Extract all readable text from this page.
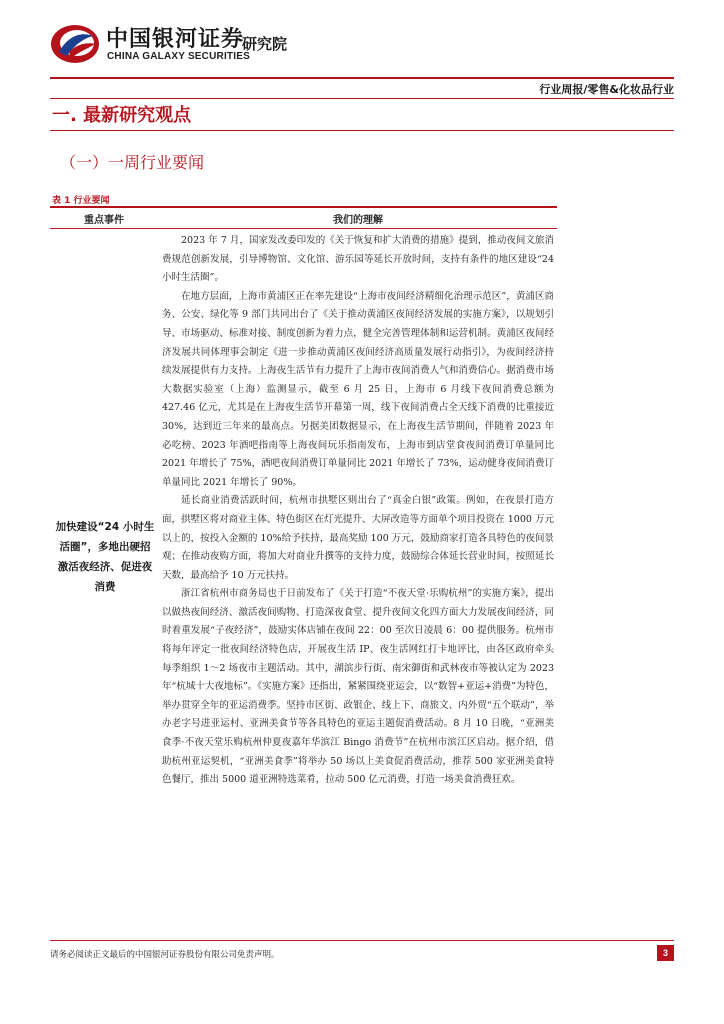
中国银河证券
CHINA GALAXY SECURITIES
研究院
行业周报/零售&化妆品行业
一. 最新研究观点
（一）一周行业要闻
表 1 行业要闻
重点事件	我们的理解
加快建设“24 小时生活圈”，多地出硬招激活夜经济、促进夜消费

2023 年 7 月，国家发改委印发的《关于恢复和扩大消费的措施》提到，推动夜间文旅消费规范创新发展，引导博物馆、文化馆、游乐园等延长开放时间，支持有条件的地区建设“24 小时生活圈”。

在地方层面，上海市黄浦区正在率先建设“上海市夜间经济精细化治理示范区”，黄浦区商务、公安、绿化等 9 部门共同出台了《关于推动黄浦区夜间经济发展的实施方案》，以规划引导、市场驱动、标准对接、制度创新为着力点，健全完善管理体制和运营机制。黄浦区夜间经济发展共同体理事会制定《进一步推动黄浦区夜间经济高质量发展行动指引》，为夜间经济持续发展提供有力支持。上海夜生活节有力提升了上海市夜间消费人气和消费信心。据消费市场大数据实验室（上海）监测显示，截至 6 月 25 日，上海市 6 月线下夜间消费总额为 427.46 亿元，尤其是在上海夜生活节开幕第一周，线下夜间消费占全天线下消费的比重接近 30%，达到近三年来的最高点。另据美团数据显示，在上海夜生活节期间，伴随着 2023 年必吃榜、2023 年酒吧指南等上海夜间玩乐指南发布，上海市到店堂食夜间消费订单量同比 2021 年增长了 75%，酒吧夜间消费订单量同比 2021 年增长了 73%，运动健身夜间消费订单量同比 2021 年增长了 90%。

延长商业消费活跃时间，杭州市拱墅区则出台了“真金白银”政策。例如，在夜景打造方面，拱墅区将对商业主体、特色街区在灯光提升、大屏改造等方面单个项目投资在 1000 万元以上的，按投入金额的 10%给予扶持，最高奖励 100 万元，鼓励商家打造各具特色的夜间景观；在推动夜购方面，将加大对商业升撰等的支持力度，鼓励综合体延长营业时间，按照延长天数，最高给予 10 万元扶持。

浙江省杭州市商务局也于日前发布了《关于打造“不夜天堂·乐购杭州”的实施方案》，提出以做热夜间经济、激活夜间购物、打造深夜食堂、提升夜间文化四方面大力发展夜间经济，同时着重发展“子夜经济”，鼓励实体店铺在夜间 22：00 至次日凌晨 6：00 提供服务。杭州市将每年评定一批夜间经济特色店，开展夜生活 IP、夜生活网红打卡地评比，由各区政府牵头每季组织 1～2 场夜市主题活动。其中，湖滨步行街、南宋御街和武林夜市等被认定为 2023 年“杭城十大夜地标”。《实施方案》还指出，紧紧围绕亚运会，以“数智+亚运+消费”为特色，举办贯穿全年的亚运消费季。坚持市区街、政银企、线上下、商旅文、内外贸“五个联动”，举办老字号进亚运村、亚洲美食节等各具特色的亚运主题促消费活动。8 月 10 日晚，“亚洲美食季·不夜天堂乐购杭州仲夏夜嘉年华滨江 Bingo 消费节”在杭州市滨江区启动。据介绍，借助杭州亚运契机，“亚洲美食季”将举办 50 场以上美食促消费活动，推荐 500 家亚洲美食特色餐厅，推出 5000 道亚洲特选菜肴，拉动 500 亿元消费，打造一场美食消费狂欢。

请务必阅读正文最后的中国银河证券股份有限公司免责声明。	3
